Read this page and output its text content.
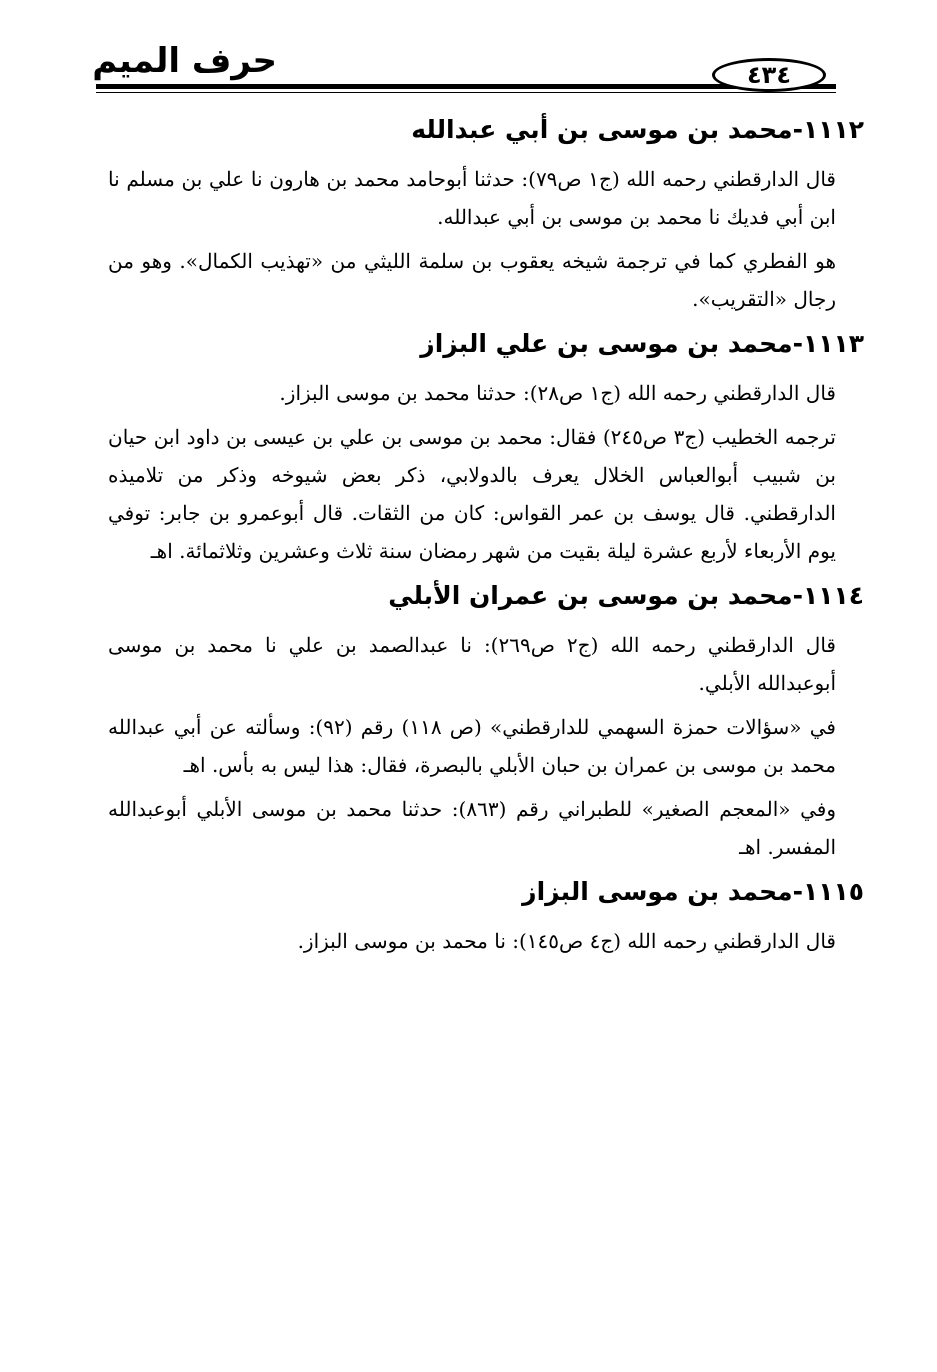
حرف الميم	٤٣٤
١١١٢-محمد بن موسى بن أبي عبدالله

قال الدارقطني رحمه الله (ج١ ص٧٩): حدثنا أبوحامد محمد بن هارون نا علي بن مسلم نا ابن أبي فديك نا محمد بن موسى بن أبي عبدالله.

هو الفطري كما في ترجمة شيخه يعقوب بن سلمة الليثي من «تهذيب الكمال». وهو من رجال «التقريب».

١١١٣-محمد بن موسى بن علي البزاز

قال الدارقطني رحمه الله (ج١ ص٢٨): حدثنا محمد بن موسى البزاز.

ترجمه الخطيب (ج٣ ص٢٤٥) فقال: محمد بن موسى بن علي بن عيسى بن داود ابن حيان بن شبيب أبوالعباس الخلال يعرف بالدولابي، ذكر بعض شيوخه وذكر من تلاميذه الدارقطني. قال يوسف بن عمر القواس: كان من الثقات. قال أبوعمرو بن جابر: توفي يوم الأربعاء لأربع عشرة ليلة بقيت من شهر رمضان سنة ثلاث وعشرين وثلاثمائة. اهـ

١١١٤-محمد بن موسى بن عمران الأبلي

قال الدارقطني رحمه الله (ج٢ ص٢٦٩): نا عبدالصمد بن علي نا محمد بن موسى أبوعبدالله الأبلي.

في «سؤالات حمزة السهمي للدارقطني» (ص ١١٨) رقم (٩٢): وسألته عن أبي عبدالله محمد بن موسى بن عمران بن حبان الأبلي بالبصرة، فقال: هذا ليس به بأس. اهـ

وفي «المعجم الصغير» للطبراني رقم (٨٦٣): حدثنا محمد بن موسى الأبلي أبوعبدالله المفسر. اهـ

١١١٥-محمد بن موسى البزاز

قال الدارقطني رحمه الله (ج٤ ص١٤٥): نا محمد بن موسى البزاز.
